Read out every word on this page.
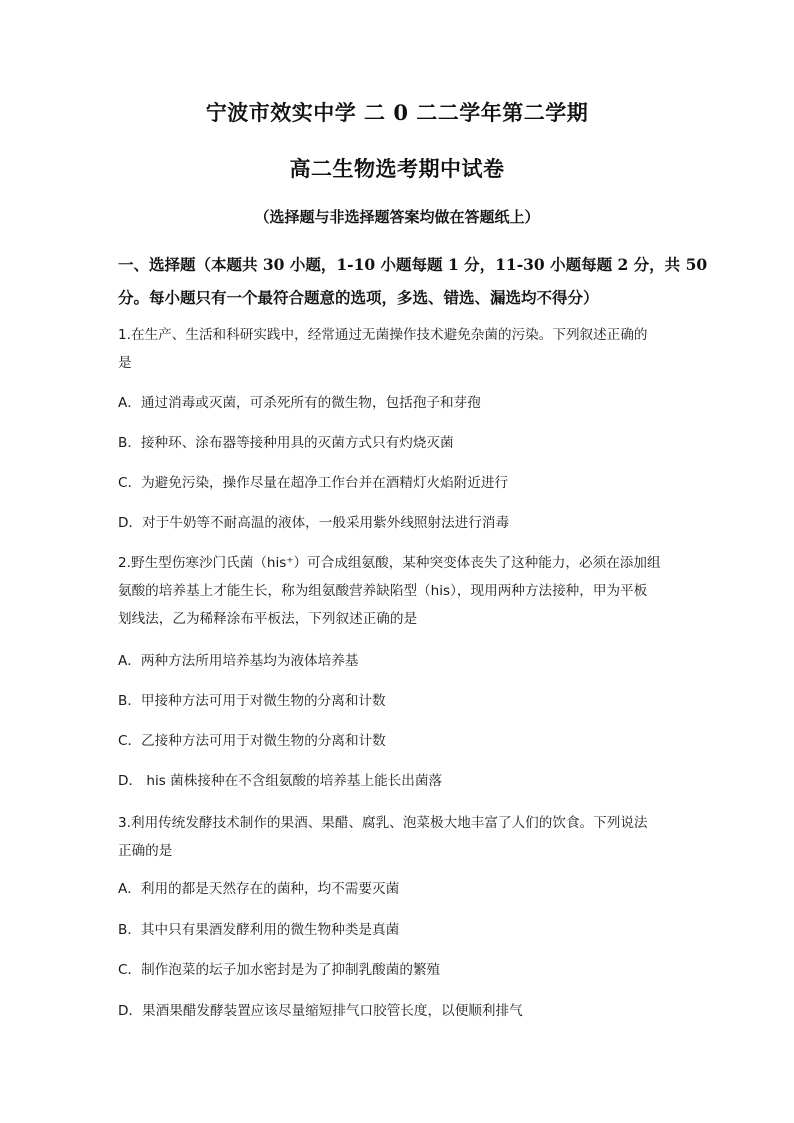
宁波市效实中学 二 0 二二学年第二学期
高二生物选考期中试卷
（选择题与非选择题答案均做在答题纸上）
一、选择题（本题共 30 小题，1-10 小题每题 1 分，11-30 小题每题 2 分，共 50
分。每小题只有一个最符合题意的选项，多选、错选、漏选均不得分）
1.在生产、生活和科研实践中，经常通过无菌操作技术避免杂菌的污染。下列叙述正确的
是
A．通过消毒或灭菌，可杀死所有的微生物，包括孢子和芽孢
B．接种环、涂布器等接种用具的灭菌方式只有灼烧灭菌
C．为避免污染，操作尽量在超净工作台并在酒精灯火焰附近进行
D．对于牛奶等不耐高温的液体，一般采用紫外线照射法进行消毒
2.野生型伤寒沙门氏菌（his⁺）可合成组氨酸，某种突变体丧失了这种能力，必须在添加组
氨酸的培养基上才能生长，称为组氨酸营养缺陷型（his），现用两种方法接种，甲为平板
划线法，乙为稀释涂布平板法，下列叙述正确的是
A．两种方法所用培养基均为液体培养基
B．甲接种方法可用于对微生物的分离和计数
C．乙接种方法可用于对微生物的分离和计数
D． his 菌株接种在不含组氨酸的培养基上能长出菌落
3.利用传统发酵技术制作的果酒、果醋、腐乳、泡菜极大地丰富了人们的饮食。下列说法
正确的是
A．利用的都是天然存在的菌种，均不需要灭菌
B．其中只有果酒发酵利用的微生物种类是真菌
C．制作泡菜的坛子加水密封是为了抑制乳酸菌的繁殖
D．果酒果醋发酵装置应该尽量缩短排气口胶管长度，以便顺利排气
